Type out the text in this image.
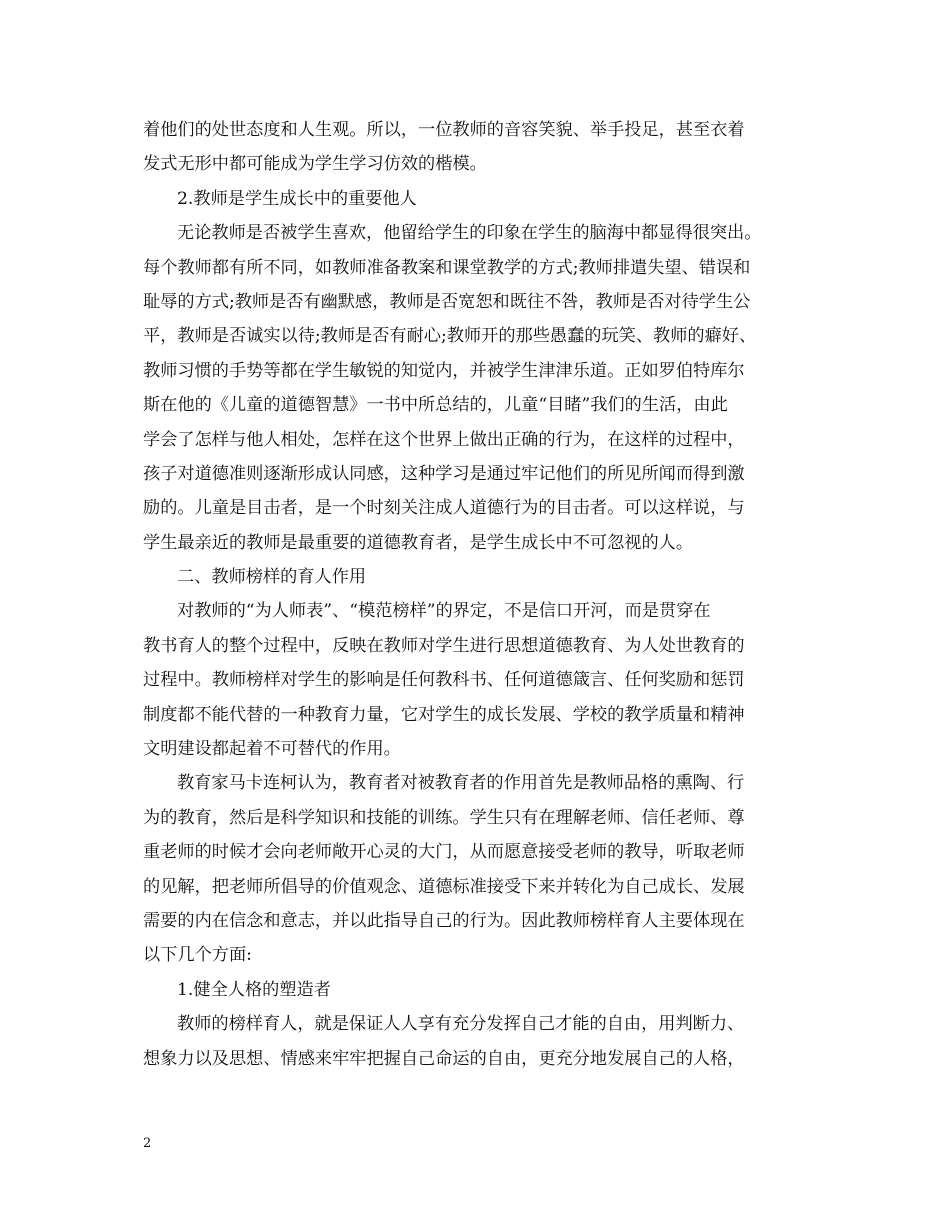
着他们的处世态度和人生观。所以，一位教师的音容笑貌、举手投足，甚至衣着
发式无形中都可能成为学生学习仿效的楷模。
2.教师是学生成长中的重要他人
无论教师是否被学生喜欢，他留给学生的印象在学生的脑海中都显得很突出。
每个教师都有所不同，如教师准备教案和课堂教学的方式;教师排遣失望、错误和
耻辱的方式;教师是否有幽默感，教师是否宽恕和既往不咎，教师是否对待学生公
平，教师是否诚实以待;教师是否有耐心;教师开的那些愚蠢的玩笑、教师的癖好、
教师习惯的手势等都在学生敏锐的知觉内，并被学生津津乐道。正如罗伯特库尔
斯在他的《儿童的道德智慧》一书中所总结的，儿童“目睹”我们的生活，由此
学会了怎样与他人相处，怎样在这个世界上做出正确的行为，在这样的过程中，
孩子对道德准则逐渐形成认同感，这种学习是通过牢记他们的所见所闻而得到激
励的。儿童是目击者，是一个时刻关注成人道德行为的目击者。可以这样说，与
学生最亲近的教师是最重要的道德教育者，是学生成长中不可忽视的人。
二、教师榜样的育人作用
对教师的“为人师表”、“模范榜样”的界定，不是信口开河，而是贯穿在
教书育人的整个过程中，反映在教师对学生进行思想道德教育、为人处世教育的
过程中。教师榜样对学生的影响是任何教科书、任何道德箴言、任何奖励和惩罚
制度都不能代替的一种教育力量，它对学生的成长发展、学校的教学质量和精神
文明建设都起着不可替代的作用。
教育家马卡连柯认为，教育者对被教育者的作用首先是教师品格的熏陶、行
为的教育，然后是科学知识和技能的训练。学生只有在理解老师、信任老师、尊
重老师的时候才会向老师敞开心灵的大门，从而愿意接受老师的教导，听取老师
的见解，把老师所倡导的价值观念、道德标准接受下来并转化为自己成长、发展
需要的内在信念和意志，并以此指导自己的行为。因此教师榜样育人主要体现在
以下几个方面:
1.健全人格的塑造者
教师的榜样育人，就是保证人人享有充分发挥自己才能的自由，用判断力、
想象力以及思想、情感来牢牢把握自己命运的自由，更充分地发展自己的人格，
2
